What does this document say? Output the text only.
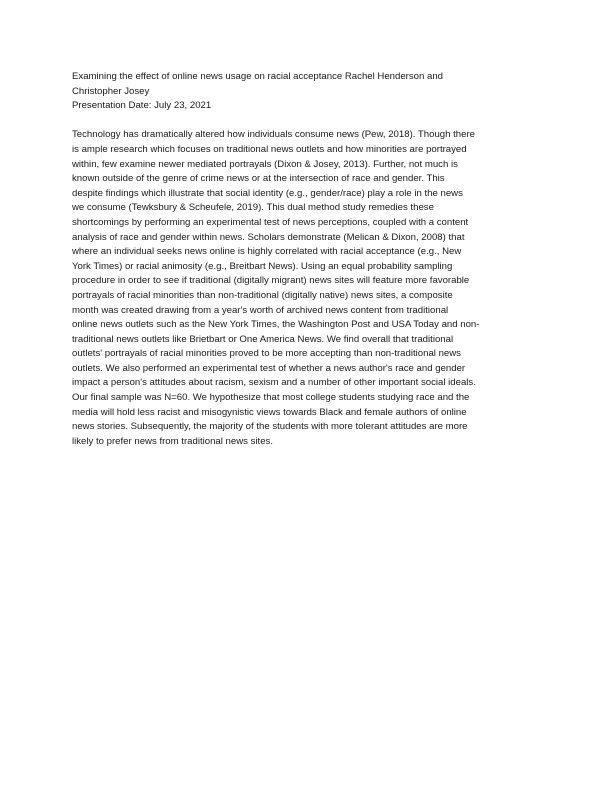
Examining the effect of online news usage on racial acceptance Rachel Henderson and
Christopher Josey
Presentation Date: July 23, 2021
Technology has dramatically altered how individuals consume news (Pew, 2018). Though there
is ample research which focuses on traditional news outlets and how minorities are portrayed
within, few examine newer mediated portrayals (Dixon & Josey, 2013). Further, not much is
known outside of the genre of crime news or at the intersection of race and gender. This
despite findings which illustrate that social identity (e.g., gender/race) play a role in the news
we consume (Tewksbury & Scheufele, 2019). This dual method study remedies these
shortcomings by performing an experimental test of news perceptions, coupled with a content
analysis of race and gender within news. Scholars demonstrate (Melican & Dixon, 2008) that
where an individual seeks news online is highly correlated with racial acceptance (e.g., New
York Times) or racial animosity (e.g., Breitbart News). Using an equal probability sampling
procedure in order to see if traditional (digitally migrant) news sites will feature more favorable
portrayals of racial minorities than non-traditional (digitally native) news sites, a composite
month was created drawing from a year's worth of archived news content from traditional
online news outlets such as the New York Times, the Washington Post and USA Today and non-
traditional news outlets like Brietbart or One America News. We find overall that traditional
outlets' portrayals of racial minorities proved to be more accepting than non-traditional news
outlets. We also performed an experimental test of whether a news author's race and gender
impact a person's attitudes about racism, sexism and a number of other important social ideals.
Our final sample was N=60. We hypothesize that most college students studying race and the
media will hold less racist and misogynistic views towards Black and female authors of online
news stories. Subsequently, the majority of the students with more tolerant attitudes are more
likely to prefer news from traditional news sites.
